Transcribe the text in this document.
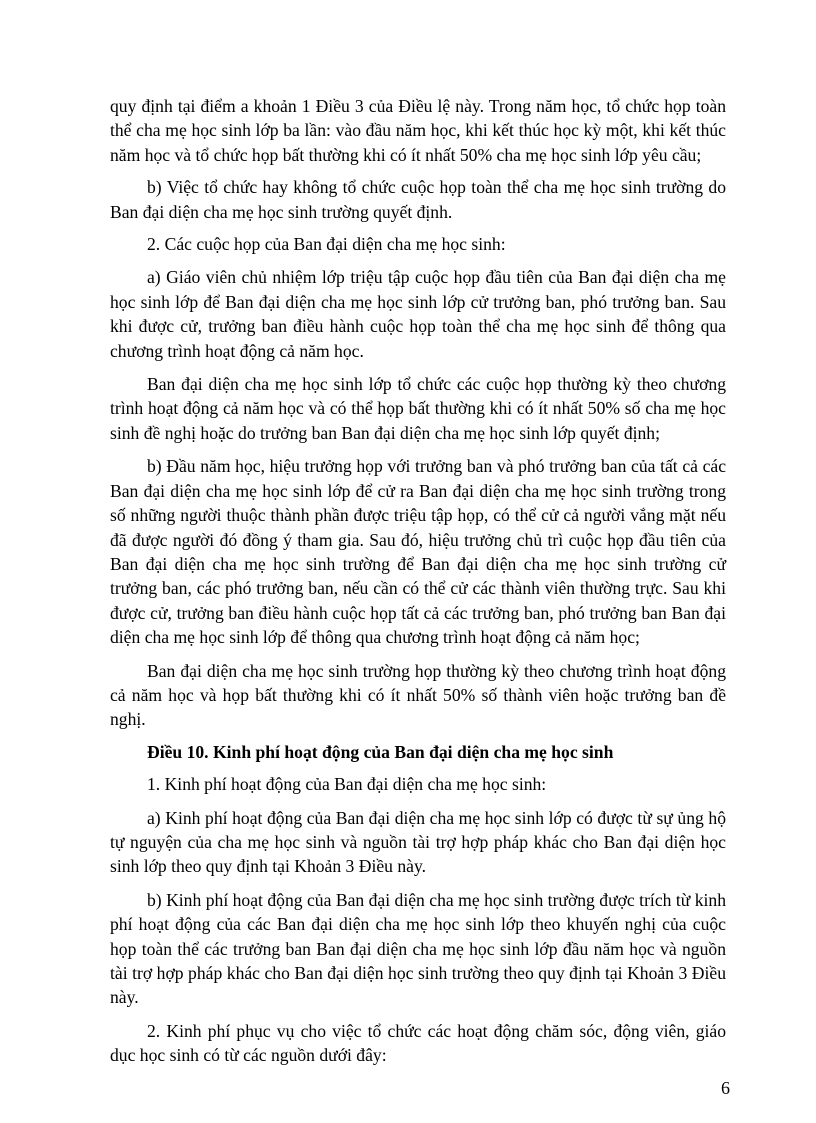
quy định tại điểm a khoản 1 Điều 3 của Điều lệ này. Trong năm học, tổ chức họp toàn thể cha mẹ học sinh lớp ba lần: vào đầu năm học, khi kết thúc học kỳ một, khi kết thúc năm học và tổ chức họp bất thường khi có ít nhất 50% cha mẹ học sinh lớp yêu cầu;

b) Việc tổ chức hay không tổ chức cuộc họp toàn thể cha mẹ học sinh trường do Ban đại diện cha mẹ học sinh trường quyết định.

2. Các cuộc họp của Ban đại diện cha mẹ học sinh:

a) Giáo viên chủ nhiệm lớp triệu tập cuộc họp đầu tiên của Ban đại diện cha mẹ học sinh lớp để Ban đại diện cha mẹ học sinh lớp cử trưởng ban, phó trưởng ban. Sau khi được cử, trưởng ban điều hành cuộc họp toàn thể cha mẹ học sinh để thông qua chương trình hoạt động cả năm học.

Ban đại diện cha mẹ học sinh lớp tổ chức các cuộc họp thường kỳ theo chương trình hoạt động cả năm học và có thể họp bất thường khi có ít nhất 50% số cha mẹ học sinh đề nghị hoặc do trưởng ban Ban đại diện cha mẹ học sinh lớp quyết định;

b) Đầu năm học, hiệu trưởng họp với trưởng ban và phó trưởng ban của tất cả các Ban đại diện cha mẹ học sinh lớp để cử ra Ban đại diện cha mẹ học sinh trường trong số những người thuộc thành phần được triệu tập họp, có thể cử cả người vắng mặt nếu đã được người đó đồng ý tham gia. Sau đó, hiệu trưởng chủ trì cuộc họp đầu tiên của Ban đại diện cha mẹ học sinh trường để Ban đại diện cha mẹ học sinh trường cử trưởng ban, các phó trưởng ban, nếu cần có thể cử các thành viên thường trực. Sau khi được cử, trưởng ban điều hành cuộc họp tất cả các trưởng ban, phó trưởng ban Ban đại diện cha mẹ học sinh lớp để thông qua chương trình hoạt động cả năm học;

Ban đại diện cha mẹ học sinh trường họp thường kỳ theo chương trình hoạt động cả năm học và họp bất thường khi có ít nhất 50% số thành viên hoặc trưởng ban đề nghị.

Điều 10. Kinh phí hoạt động của Ban đại diện cha mẹ học sinh

1. Kinh phí hoạt động của Ban đại diện cha mẹ học sinh:

a) Kinh phí hoạt động của Ban đại diện cha mẹ học sinh lớp có được từ sự ủng hộ tự nguyện của cha mẹ học sinh và nguồn tài trợ hợp pháp khác cho Ban đại diện học sinh lớp theo quy định tại Khoản 3 Điều này.

b) Kinh phí hoạt động của Ban đại diện cha mẹ học sinh trường được trích từ kinh phí hoạt động của các Ban đại diện cha mẹ học sinh lớp theo khuyến nghị của cuộc họp toàn thể các trưởng ban Ban đại diện cha mẹ học sinh lớp đầu năm học và nguồn tài trợ hợp pháp khác cho Ban đại diện học sinh trường theo quy định tại Khoản 3 Điều này.

2. Kinh phí phục vụ cho việc tổ chức các hoạt động chăm sóc, động viên, giáo dục học sinh có từ các nguồn dưới đây:

6
